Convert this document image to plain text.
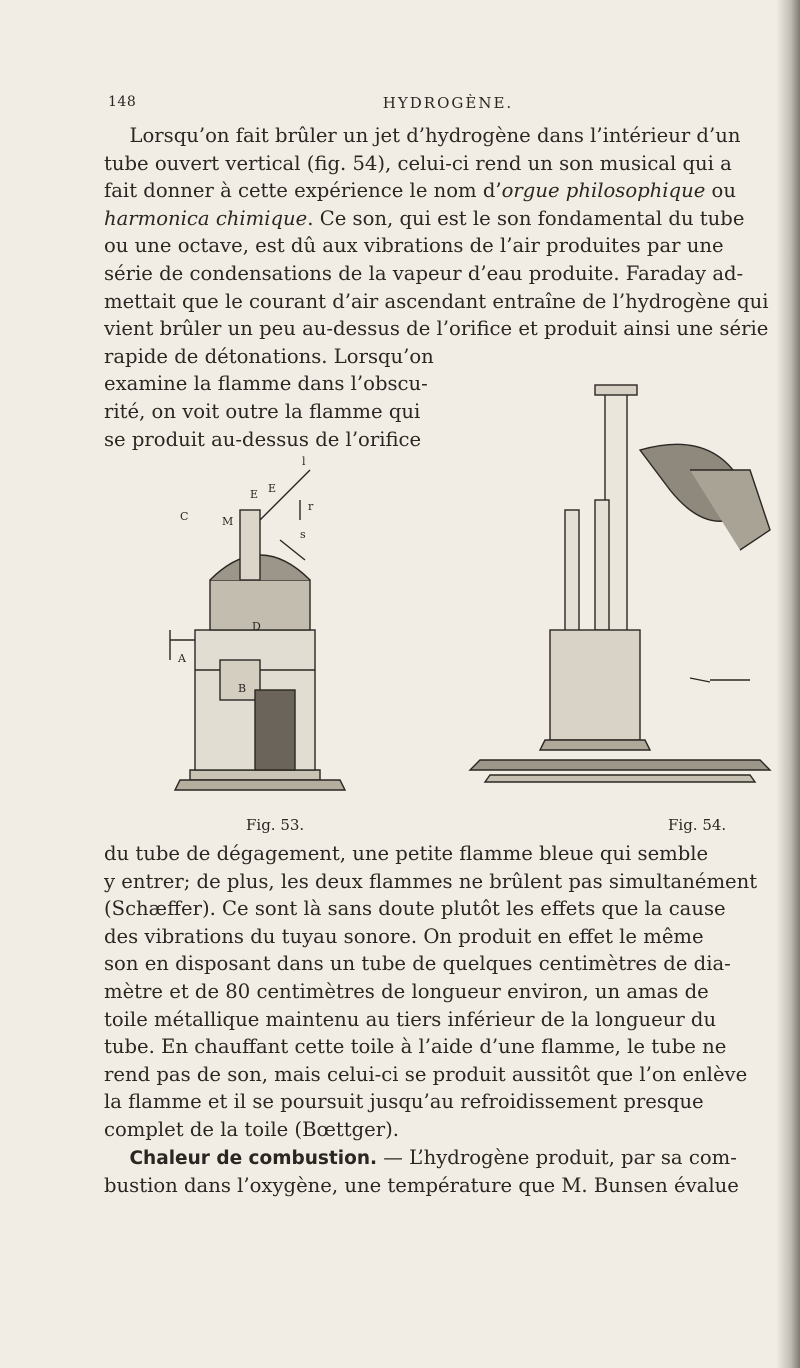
148	HYDROGÈNE.
Lorsqu’on fait brûler un jet d’hydrogène dans l’intérieur d’un
tube ouvert vertical (fig. 54), celui-ci rend un son musical qui a
fait donner à cette expérience le nom d’orgue philosophique ou
harmonica chimique. Ce son, qui est le son fondamental du tube
ou une octave, est dû aux vibrations de l’air produites par une
série de condensations de la vapeur d’eau produite. Faraday ad-
mettait que le courant d’air ascendant entraîne de l’hydrogène qui
vient brûler un peu au-dessus de l’orifice et produit ainsi une série
rapide de détonations. Lorsqu’on
examine la flamme dans l’obscu-
rité, on voit outre la flamme qui
se produit au-dessus de l’orifice
l
E
E
r
C	M
s
A
D
B
Fig. 53.	Fig. 54.
du tube de dégagement, une petite flamme bleue qui semble
y entrer; de plus, les deux flammes ne brûlent pas simultanément
(Schæffer). Ce sont là sans doute plutôt les effets que la cause
des vibrations du tuyau sonore. On produit en effet le même
son en disposant dans un tube de quelques centimètres de dia-
mètre et de 80 centimètres de longueur environ, un amas de
toile métallique maintenu au tiers inférieur de la longueur du
tube. En chauffant cette toile à l’aide d’une flamme, le tube ne
rend pas de son, mais celui-ci se produit aussitôt que l’on enlève
la flamme et il se poursuit jusqu’au refroidissement presque
complet de la toile (Bœttger).
Chaleur de combustion. — L’hydrogène produit, par sa com-
bustion dans l’oxygène, une température que M. Bunsen évalue
